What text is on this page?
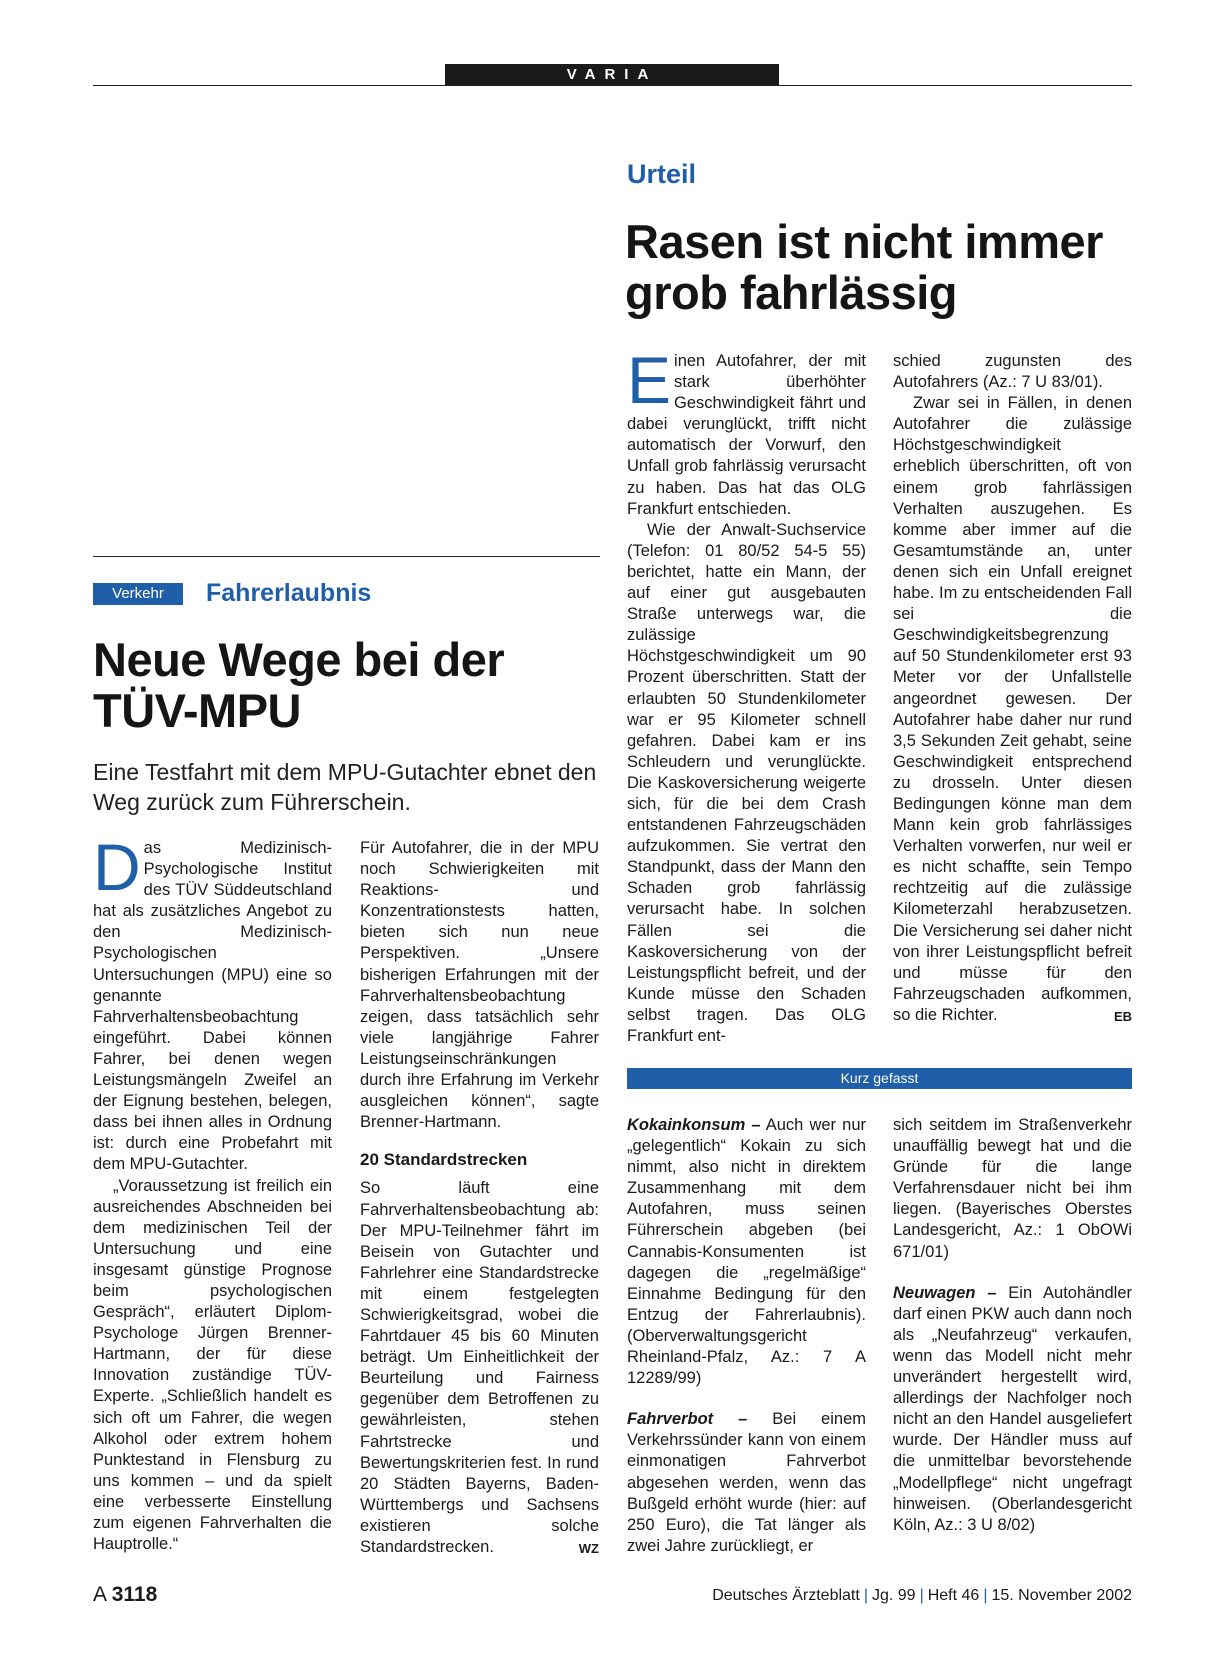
VARIA
Urteil
Rasen ist nicht immer
grob fahrlässig

Einen Autofahrer, der mit stark überhöhter Geschwindigkeit fährt und dabei verunglückt, trifft nicht automatisch der Vorwurf, den Unfall grob fahrlässig verursacht zu haben. Das hat das OLG Frankfurt entschieden.

Wie der Anwalt-Suchservice (Telefon: 01 80/52 54-5 55) berichtet, hatte ein Mann, der auf einer gut ausgebauten Straße unterwegs war, die zulässige Höchstgeschwindigkeit um 90 Prozent überschritten. Statt der erlaubten 50 Stundenkilometer war er 95 Kilometer schnell gefahren. Dabei kam er ins Schleudern und verunglückte. Die Kaskoversicherung weigerte sich, für die bei dem Crash entstandenen Fahrzeugschäden aufzukommen. Sie vertrat den Standpunkt, dass der Mann den Schaden grob fahrlässig verursacht habe. In solchen Fällen sei die Kaskoversicherung von der Leistungspflicht befreit, und der Kunde müsse den Schaden selbst tragen. Das OLG Frankfurt ent-

schied zugunsten des Autofahrers (Az.: 7 U 83/01).

Zwar sei in Fällen, in denen Autofahrer die zulässige Höchstgeschwindigkeit erheblich überschritten, oft von einem grob fahrlässigen Verhalten auszugehen. Es komme aber immer auf die Gesamtumstände an, unter denen sich ein Unfall ereignet habe. Im zu entscheidenden Fall sei die Geschwindigkeitsbegrenzung auf 50 Stundenkilometer erst 93 Meter vor der Unfallstelle angeordnet gewesen. Der Autofahrer habe daher nur rund 3,5 Sekunden Zeit gehabt, seine Geschwindigkeit entsprechend zu drosseln. Unter diesen Bedingungen könne man dem Mann kein grob fahrlässiges Verhalten vorwerfen, nur weil er es nicht schaffte, sein Tempo rechtzeitig auf die zulässige Kilometerzahl herabzusetzen. Die Versicherung sei daher nicht von ihrer Leistungspflicht befreit und müsse für den Fahrzeugschaden aufkommen, so die Richter.	EB
Verkehr	Fahrerlaubnis
Neue Wege bei der
TÜV-MPU
Eine Testfahrt mit dem MPU-Gutachter ebnet den Weg zurück zum Führerschein.

Das Medizinisch-Psychologische Institut des TÜV Süddeutschland hat als zusätzliches Angebot zu den Medizinisch-Psychologischen Untersuchungen (MPU) eine so genannte Fahrverhaltensbeobachtung eingeführt. Dabei können Fahrer, bei denen wegen Leistungsmängeln Zweifel an der Eignung bestehen, belegen, dass bei ihnen alles in Ordnung ist: durch eine Probefahrt mit dem MPU-Gutachter.

„Voraussetzung ist freilich ein ausreichendes Abschneiden bei dem medizinischen Teil der Untersuchung und eine insgesamt günstige Prognose beim psychologischen Gespräch“, erläutert Diplom-Psychologe Jürgen Brenner-Hartmann, der für diese Innovation zuständige TÜV-Experte. „Schließlich handelt es sich oft um Fahrer, die wegen Alkohol oder extrem hohem Punktestand in Flensburg zu uns kommen – und da spielt eine verbesserte Einstellung zum eigenen Fahrverhalten die Hauptrolle.“

Für Autofahrer, die in der MPU noch Schwierigkeiten mit Reaktions- und Konzentrationstests hatten, bieten sich nun neue Perspektiven. „Unsere bisherigen Erfahrungen mit der Fahrverhaltensbeobachtung zeigen, dass tatsächlich sehr viele langjährige Fahrer Leistungseinschränkungen durch ihre Erfahrung im Verkehr ausgleichen können“, sagte Brenner-Hartmann.

20 Standardstrecken

So läuft eine Fahrverhaltensbeobachtung ab: Der MPU-Teilnehmer fährt im Beisein von Gutachter und Fahrlehrer eine Standardstrecke mit einem festgelegten Schwierigkeitsgrad, wobei die Fahrtdauer 45 bis 60 Minuten beträgt. Um Einheitlichkeit der Beurteilung und Fairness gegenüber dem Betroffenen zu gewährleisten, stehen Fahrtstrecke und Bewertungskriterien fest. In rund 20 Städten Bayerns, Baden-Württembergs und Sachsens existieren solche Standardstrecken.	WZ
Kurz gefasst

Kokainkonsum – Auch wer nur „gelegentlich“ Kokain zu sich nimmt, also nicht in direktem Zusammenhang mit dem Autofahren, muss seinen Führerschein abgeben (bei Cannabis-Konsumenten ist dagegen die „regelmäßige“ Einnahme Bedingung für den Entzug der Fahrerlaubnis). (Oberverwaltungsgericht Rheinland-Pfalz, Az.: 7 A 12289/99)

Fahrverbot – Bei einem Verkehrssünder kann von einem einmonatigen Fahrverbot abgesehen werden, wenn das Bußgeld erhöht wurde (hier: auf 250 Euro), die Tat länger als zwei Jahre zurückliegt, er

sich seitdem im Straßenverkehr unauffällig bewegt hat und die Gründe für die lange Verfahrensdauer nicht bei ihm liegen. (Bayerisches Oberstes Landesgericht, Az.: 1 ObOWi 671/01)

Neuwagen – Ein Autohändler darf einen PKW auch dann noch als „Neufahrzeug“ verkaufen, wenn das Modell nicht mehr unverändert hergestellt wird, allerdings der Nachfolger noch nicht an den Handel ausgeliefert wurde. Der Händler muss auf die unmittelbar bevorstehende „Modellpflege“ nicht ungefragt hinweisen. (Oberlandesgericht Köln, Az.: 3 U 8/02)

A 3118	Deutsches Ärzteblatt | Jg. 99 | Heft 46 | 15. November 2002
